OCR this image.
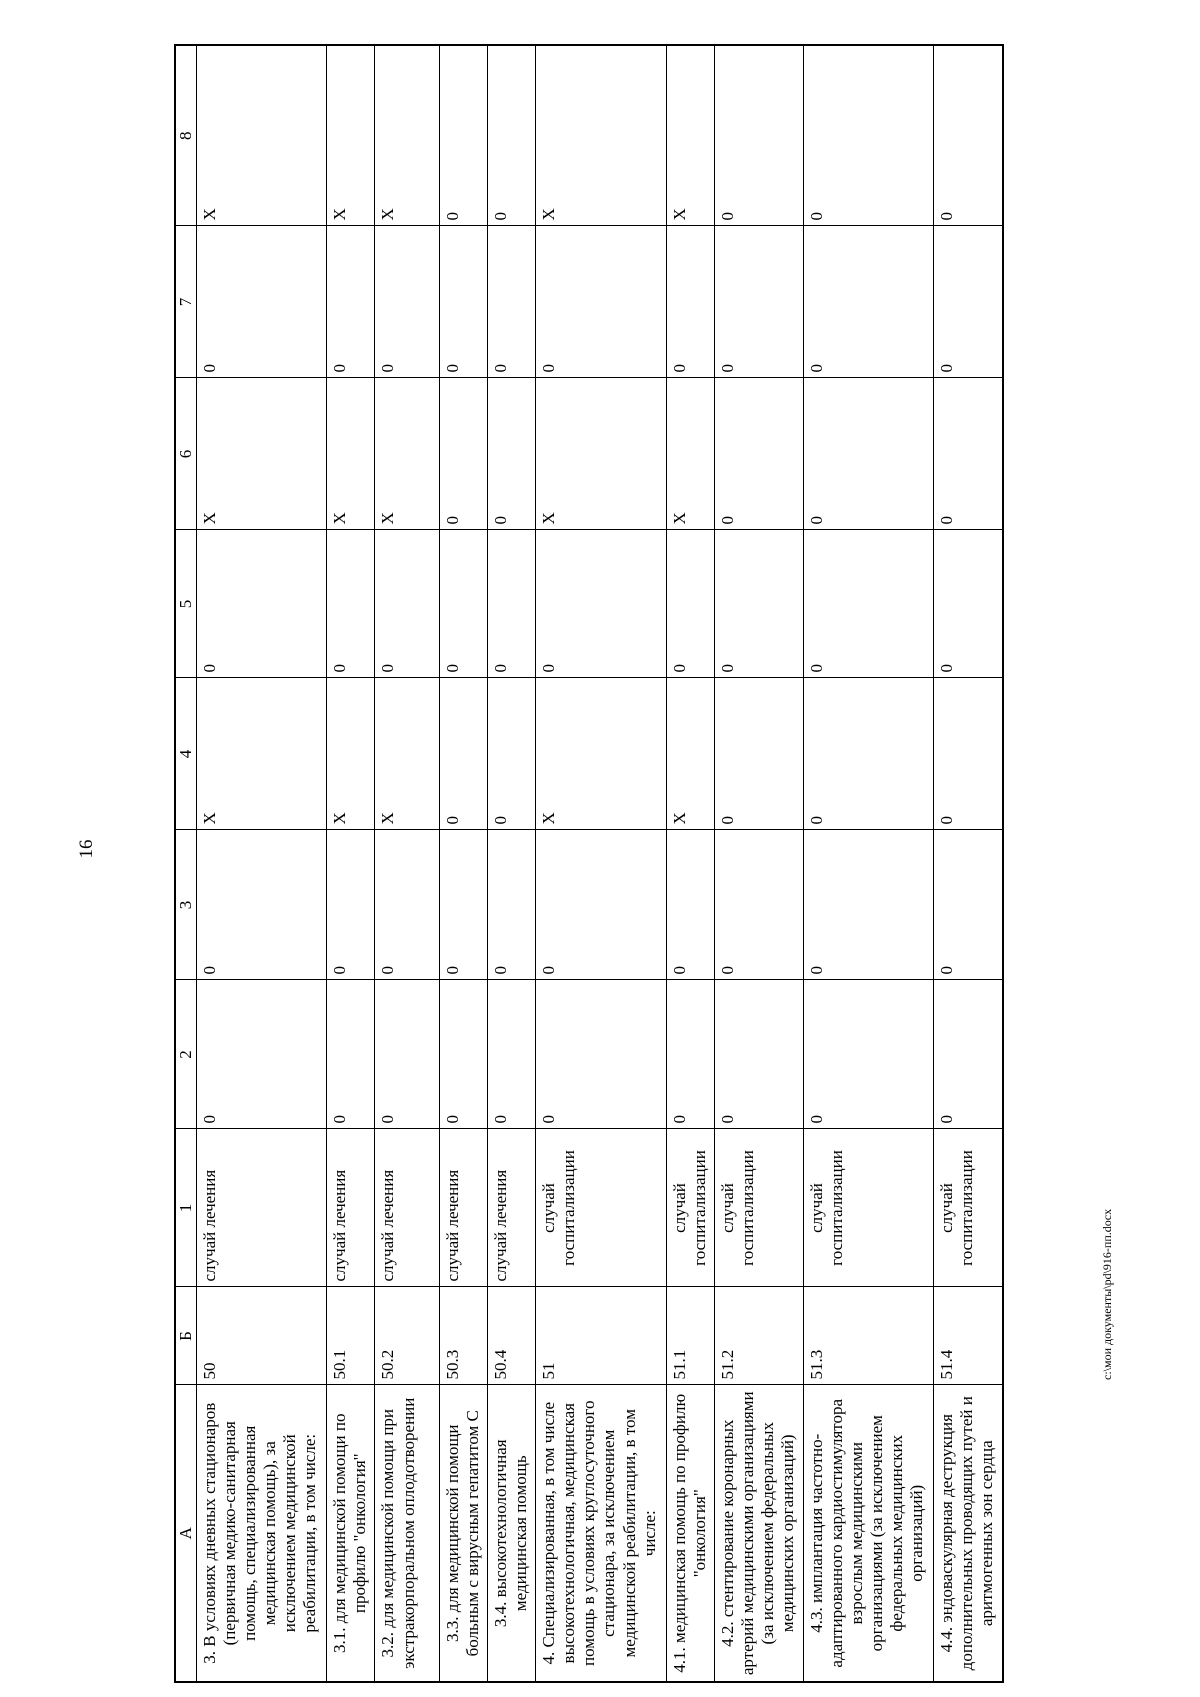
16
А	Б	1	2	3	4	5	6	7	8
3. В условиях дневных стационаров (первичная медико-санитарная помощь, специализированная медицинская помощь), за исключением медицинской реабилитации, в том числе:	50	случай лечения	0	0	X	0	X	0	X
3.1. для медицинской помощи по профилю "онкология"	50.1	случай лечения	0	0	X	0	X	0	X
3.2. для медицинской помощи при экстракорпоральном оплодотворении	50.2	случай лечения	0	0	X	0	X	0	X
3.3. для медицинской помощи больным с вирусным гепатитом C	50.3	случай лечения	0	0	0	0	0	0	0
3.4. высокотехнологичная медицинская помощь	50.4	случай лечения	0	0	0	0	0	0	0
4. Специализированная, в том числе высокотехнологичная, медицинская помощь в условиях круглосуточного стационара, за исключением медицинской реабилитации, в том числе:	51	случай госпитализации	0	0	X	0	X	0	X
4.1. медицинская помощь по профилю "онкология"	51.1	случай госпитализации	0	0	X	0	X	0	X
4.2. стентирование коронарных артерий медицинскими организациями (за исключением федеральных медицинских организаций)	51.2	случай госпитализации	0	0	0	0	0	0	0
4.3. имплантация частотно-адаптированного кардиостимулятора взрослым медицинскими организациями (за исключением федеральных медицинских организаций)	51.3	случай госпитализации	0	0	0	0	0	0	0
4.4. эндоваскулярная деструкция дополнительных проводящих путей и аритмогенных зон сердца	51.4	случай госпитализации	0	0	0	0	0	0	0
c:\мои документы\pd\916-пп.docx
